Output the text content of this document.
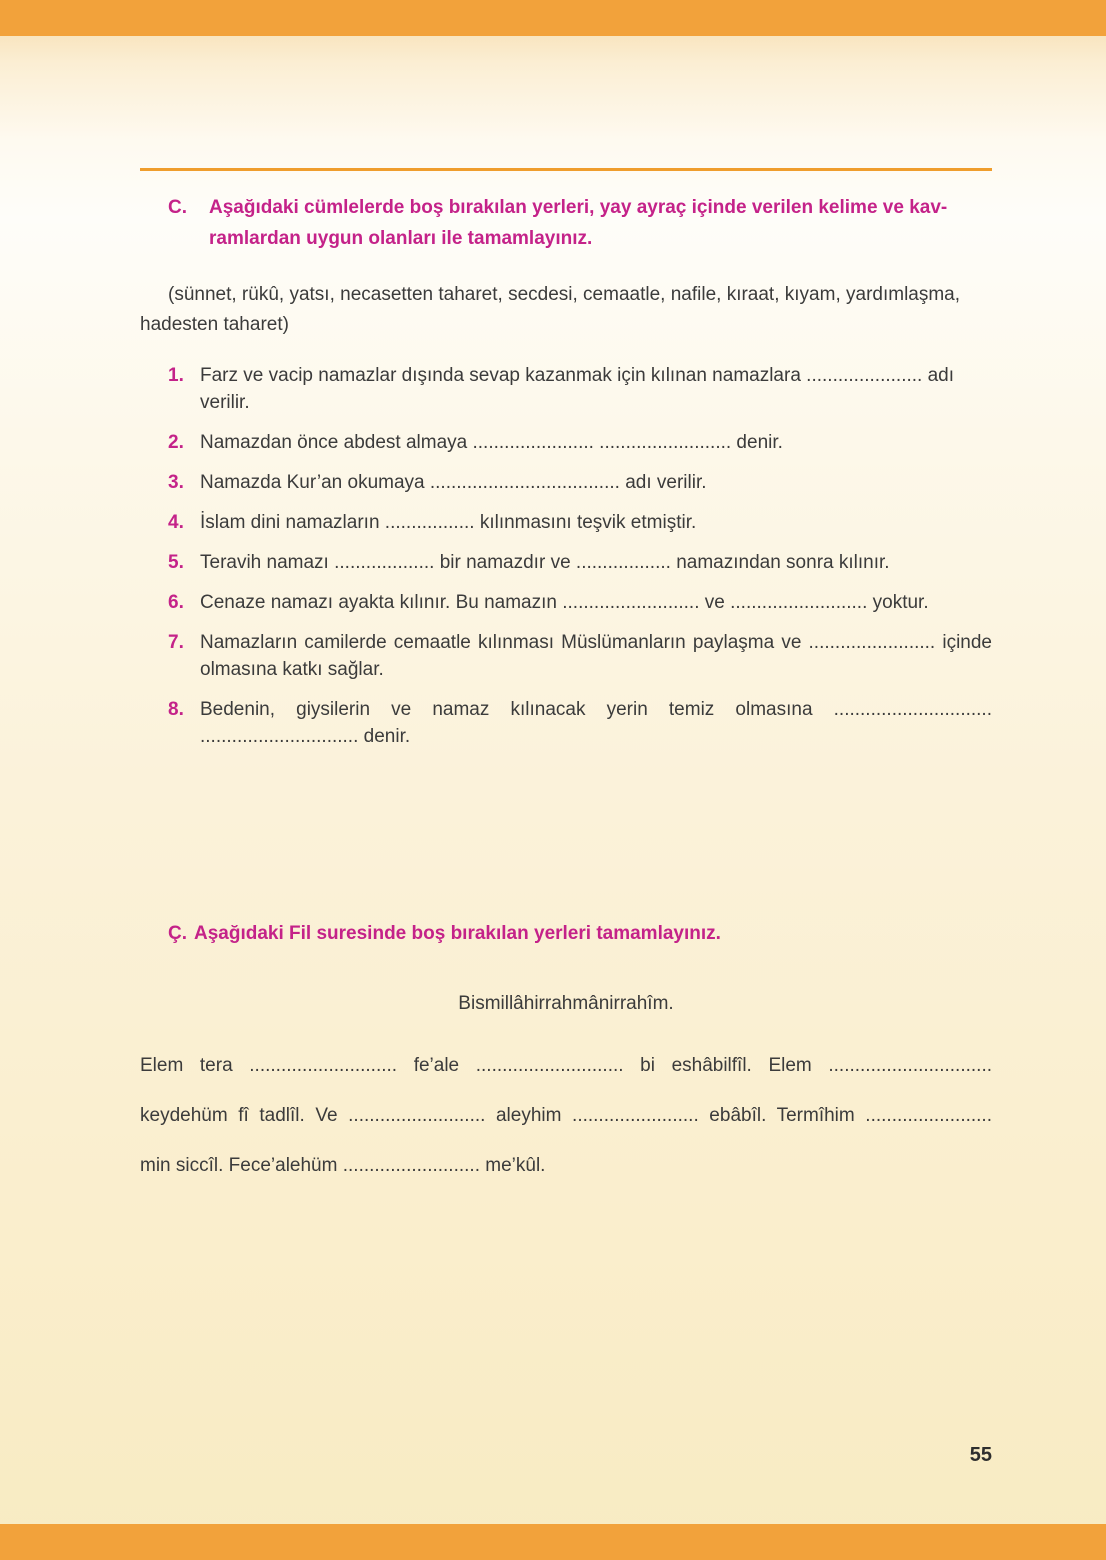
C.	Aşağıdaki cümlelerde boş bırakılan yerleri, yay ayraç içinde verilen kelime ve kav-
ramlardan uygun olanları ile tamamlayınız.

(sünnet, rükû, yatsı, necasetten taharet, secdesi, cemaatle, nafile, kıraat, kıyam, yardımlaşma, hadesten taharet)

1. Farz ve vacip namazlar dışında sevap kazanmak için kılınan namazlara ...................... adı verilir.
2. Namazdan önce abdest almaya ....................... ......................... denir.
3. Namazda Kur’an okumaya .................................... adı verilir.
4. İslam dini namazların ................. kılınmasını teşvik etmiştir.
5. Teravih namazı ................... bir namazdır ve .................. namazından sonra kılınır.
6. Cenaze namazı ayakta kılınır. Bu namazın .......................... ve .......................... yoktur.
7. Namazların camilerde cemaatle kılınması Müslümanların paylaşma ve ........................ içinde olmasına katkı sağlar.
8. Bedenin, giysilerin ve namaz kılınacak yerin temiz olmasına .............................. .............................. denir.
Ç. Aşağıdaki Fil suresinde boş bırakılan yerleri tamamlayınız.

Bismillâhirrahmânirrahîm.

Elem tera ............................ fe’ale ............................ bi eshâbilfîl. Elem ...............................

keydehüm fî tadlîl. Ve .......................... aleyhim ........................ ebâbîl. Termîhim ........................

min siccîl. Fece’alehüm .......................... me’kûl.

55
